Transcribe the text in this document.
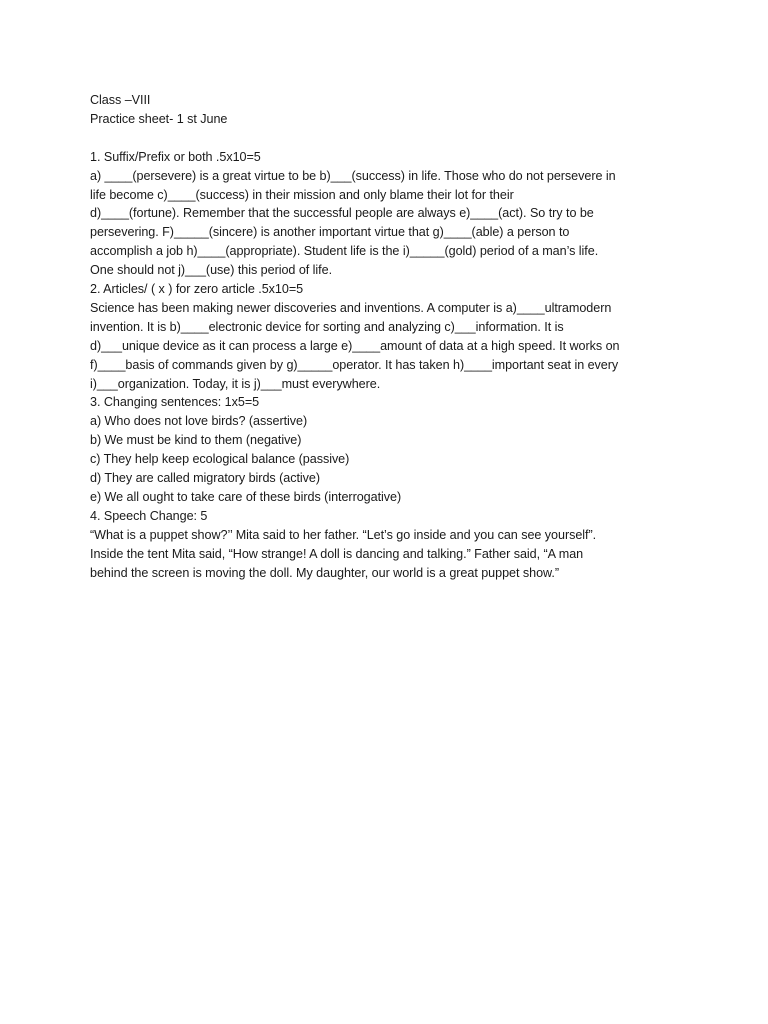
Class –VIII
Practice sheet- 1 st June
1. Suffix/Prefix or both .5x10=5
a) ____(persevere) is a great virtue to be b)___(success) in life. Those who do not persevere in
life become c)____(success) in their mission and only blame their lot for their
d)____(fortune). Remember that the successful people are always e)____(act). So try to be
persevering. F)_____(sincere) is another important virtue that g)____(able) a person to
accomplish a job h)____(appropriate). Student life is the i)_____(gold) period of a man’s life.
One should not j)___(use) this period of life.
2. Articles/ ( x ) for zero article .5x10=5
Science has been making newer discoveries and inventions. A computer is a)____ultramodern
invention. It is b)____electronic device for sorting and analyzing c)___information. It is
d)___unique device as it can process a large e)____amount of data at a high speed. It works on
f)____basis of commands given by g)_____operator. It has taken h)____important seat in every
i)___organization. Today, it is j)___must everywhere.
3. Changing sentences: 1x5=5
a) Who does not love birds? (assertive)
b) We must be kind to them (negative)
c) They help keep ecological balance (passive)
d) They are called migratory birds (active)
e) We all ought to take care of these birds (interrogative)
4. Speech Change: 5
“What is a puppet show?’’ Mita said to her father. “Let’s go inside and you can see yourself”.
Inside the tent Mita said, “How strange! A doll is dancing and talking.” Father said, “A man
behind the screen is moving the doll. My daughter, our world is a great puppet show.”
